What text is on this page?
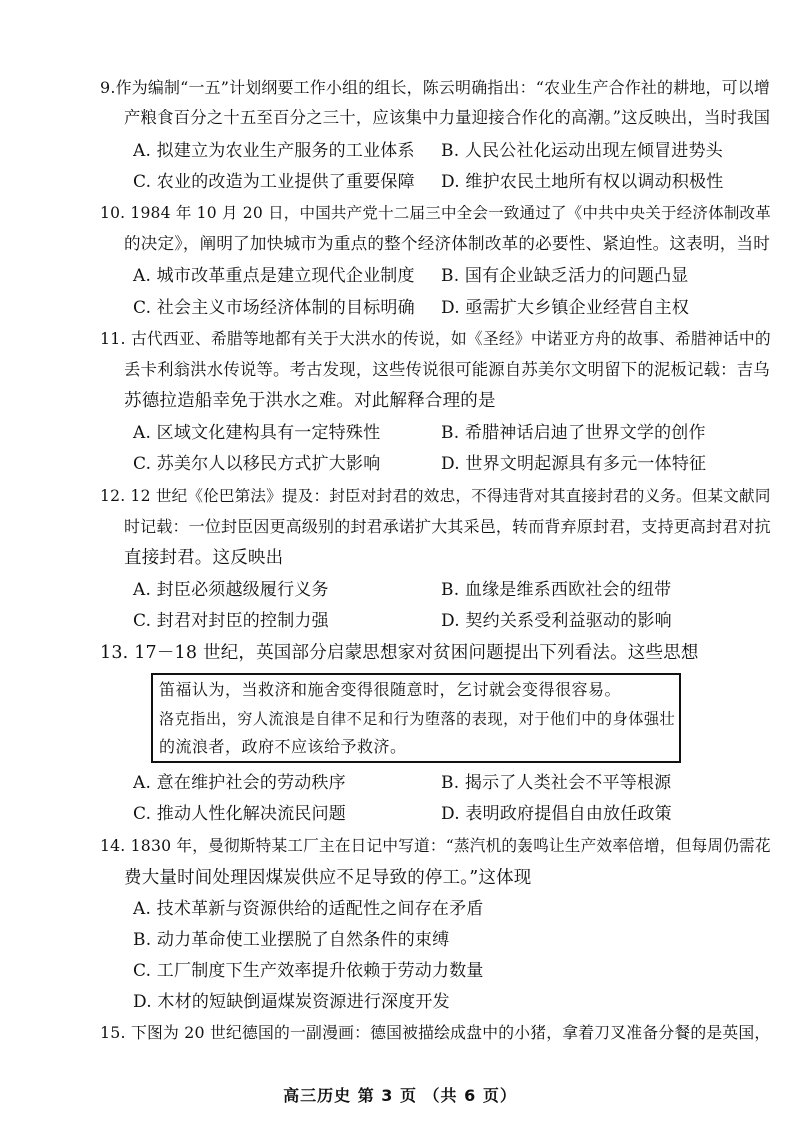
9.作为编制“一五”计划纲要工作小组的组长，陈云明确指出：“农业生产合作社的耕地，可以增
产粮食百分之十五至百分之三十，应该集中力量迎接合作化的高潮。”这反映出，当时我国
A. 拟建立为农业生产服务的工业体系 B. 人民公社化运动出现左倾冒进势头
C. 农业的改造为工业提供了重要保障 D. 维护农民土地所有权以调动积极性
10. 1984 年 10 月 20 日，中国共产党十二届三中全会一致通过了《中共中央关于经济体制改革
的决定》，阐明了加快城市为重点的整个经济体制改革的必要性、紧迫性。这表明，当时
A. 城市改革重点是建立现代企业制度 B. 国有企业缺乏活力的问题凸显
C. 社会主义市场经济体制的目标明确 D. 亟需扩大乡镇企业经营自主权
11. 古代西亚、希腊等地都有关于大洪水的传说，如《圣经》中诺亚方舟的故事、希腊神话中的
丢卡利翁洪水传说等。考古发现，这些传说很可能源自苏美尔文明留下的泥板记载：吉乌
苏德拉造船幸免于洪水之难。对此解释合理的是
A. 区域文化建构具有一定特殊性	B. 希腊神话启迪了世界文学的创作
C. 苏美尔人以移民方式扩大影响	D. 世界文明起源具有多元一体特征
12. 12 世纪《伦巴第法》提及：封臣对封君的效忠，不得违背对其直接封君的义务。但某文献同
时记载：一位封臣因更高级别的封君承诺扩大其采邑，转而背弃原封君，支持更高封君对抗
直接封君。这反映出
A. 封臣必须越级履行义务	B. 血缘是维系西欧社会的纽带
C. 封君对封臣的控制力强	D. 契约关系受利益驱动的影响
13. 17－18 世纪，英国部分启蒙思想家对贫困问题提出下列看法。这些思想
笛福认为，当救济和施舍变得很随意时，乞讨就会变得很容易。
洛克指出，穷人流浪是自律不足和行为堕落的表现，对于他们中的身体强壮
的流浪者，政府不应该给予救济。
A. 意在维护社会的劳动秩序	B. 揭示了人类社会不平等根源
C. 推动人性化解决流民问题	D. 表明政府提倡自由放任政策
14. 1830 年，曼彻斯特某工厂主在日记中写道：“蒸汽机的轰鸣让生产效率倍增，但每周仍需花
费大量时间处理因煤炭供应不足导致的停工。”这体现
A. 技术革新与资源供给的适配性之间存在矛盾
B. 动力革命使工业摆脱了自然条件的束缚
C. 工厂制度下生产效率提升依赖于劳动力数量
D. 木材的短缺倒逼煤炭资源进行深度开发
15. 下图为 20 世纪德国的一副漫画：德国被描绘成盘中的小猪，拿着刀叉准备分餐的是英国，
高三历史 第 3 页 （共 6 页）
